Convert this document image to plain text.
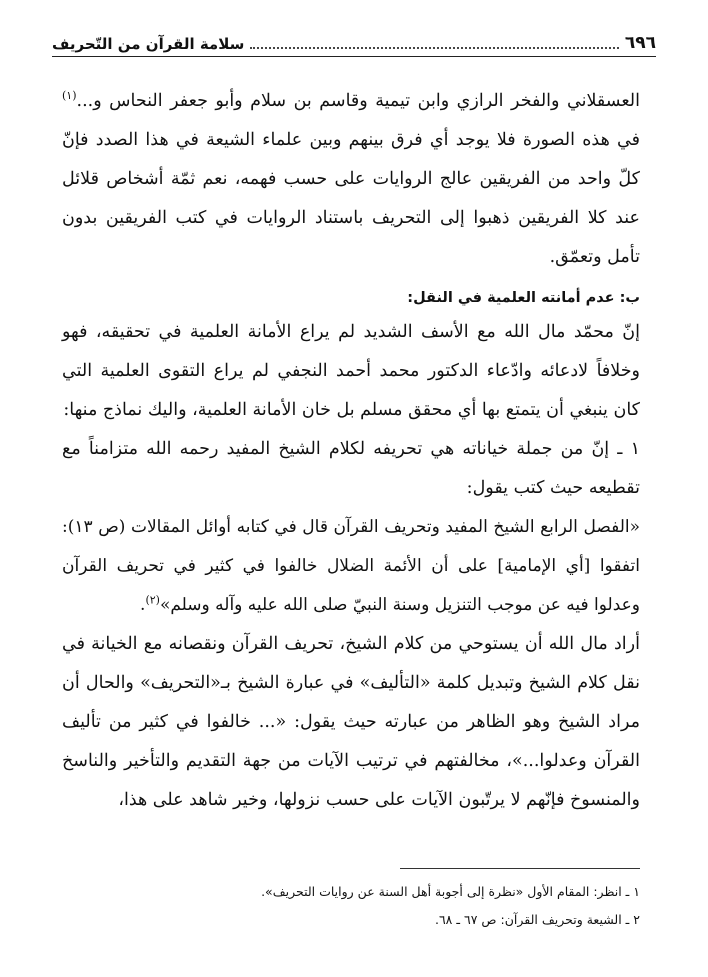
٦٩٦
سلامة القرآن من التّحريف

العسقلاني والفخر الرازي وابن تيمية وقاسم بن سلام وأبو جعفر النحاس و...$^{(١)}$ في هذه الصورة فلا يوجد أي فرق بينهم وبين علماء الشيعة في هذا الصدد فإنّ كلّ واحد من الفريقين عالج الروايات على حسب فهمه، نعم ثمّة أشخاص قلائل عند كلا الفريقين ذهبوا إلى التحريف باستناد الروايات في كتب الفريقين بدون تأمل وتعمّق.

ب: عدم أمانته العلمية في النقل:

إنّ محمّد مال الله مع الأسف الشديد لم يراع الأمانة العلمية في تحقيقه، فهو وخلافاً لادعائه وادّعاء الدكتور محمد أحمد النجفي لم يراع التقوى العلمية التي كان ينبغي أن يتمتع بها أي محقق مسلم بل خان الأمانة العلمية، واليك نماذج منها:

١ ـ إنّ من جملة خياناته هي تحريفه لكلام الشيخ المفيد رحمه الله متزامناً مع تقطيعه حيث كتب يقول:

«الفصل الرابع الشيخ المفيد وتحريف القرآن قال في كتابه أوائل المقالات (ص ١٣): اتفقوا [أي الإمامية] على أن الأئمة الضلال خالفوا في كثير في تحريف القرآن وعدلوا فيه عن موجب التنزيل وسنة النبيّ صلى الله عليه وآله وسلم»$^{(٢)}$.

أراد مال الله أن يستوحي من كلام الشيخ، تحريف القرآن ونقصانه مع الخيانة في نقل كلام الشيخ وتبديل كلمة «التأليف» في عبارة الشيخ بـ«التحريف» والحال أن مراد الشيخ وهو الظاهر من عبارته حيث يقول: «... خالفوا في كثير من تأليف القرآن وعدلوا...»، مخالفتهم في ترتيب الآيات من جهة التقديم والتأخير والناسخ والمنسوخ فإنّهم لا يرتّبون الآيات على حسب نزولها، وخير شاهد على هذا،

١ ـ انظر: المقام الأول «نظرة إلى أجوبة أهل السنة عن روايات التحريف».

٢ ـ الشيعة وتحريف القرآن: ص ٦٧ ـ ٦٨.
